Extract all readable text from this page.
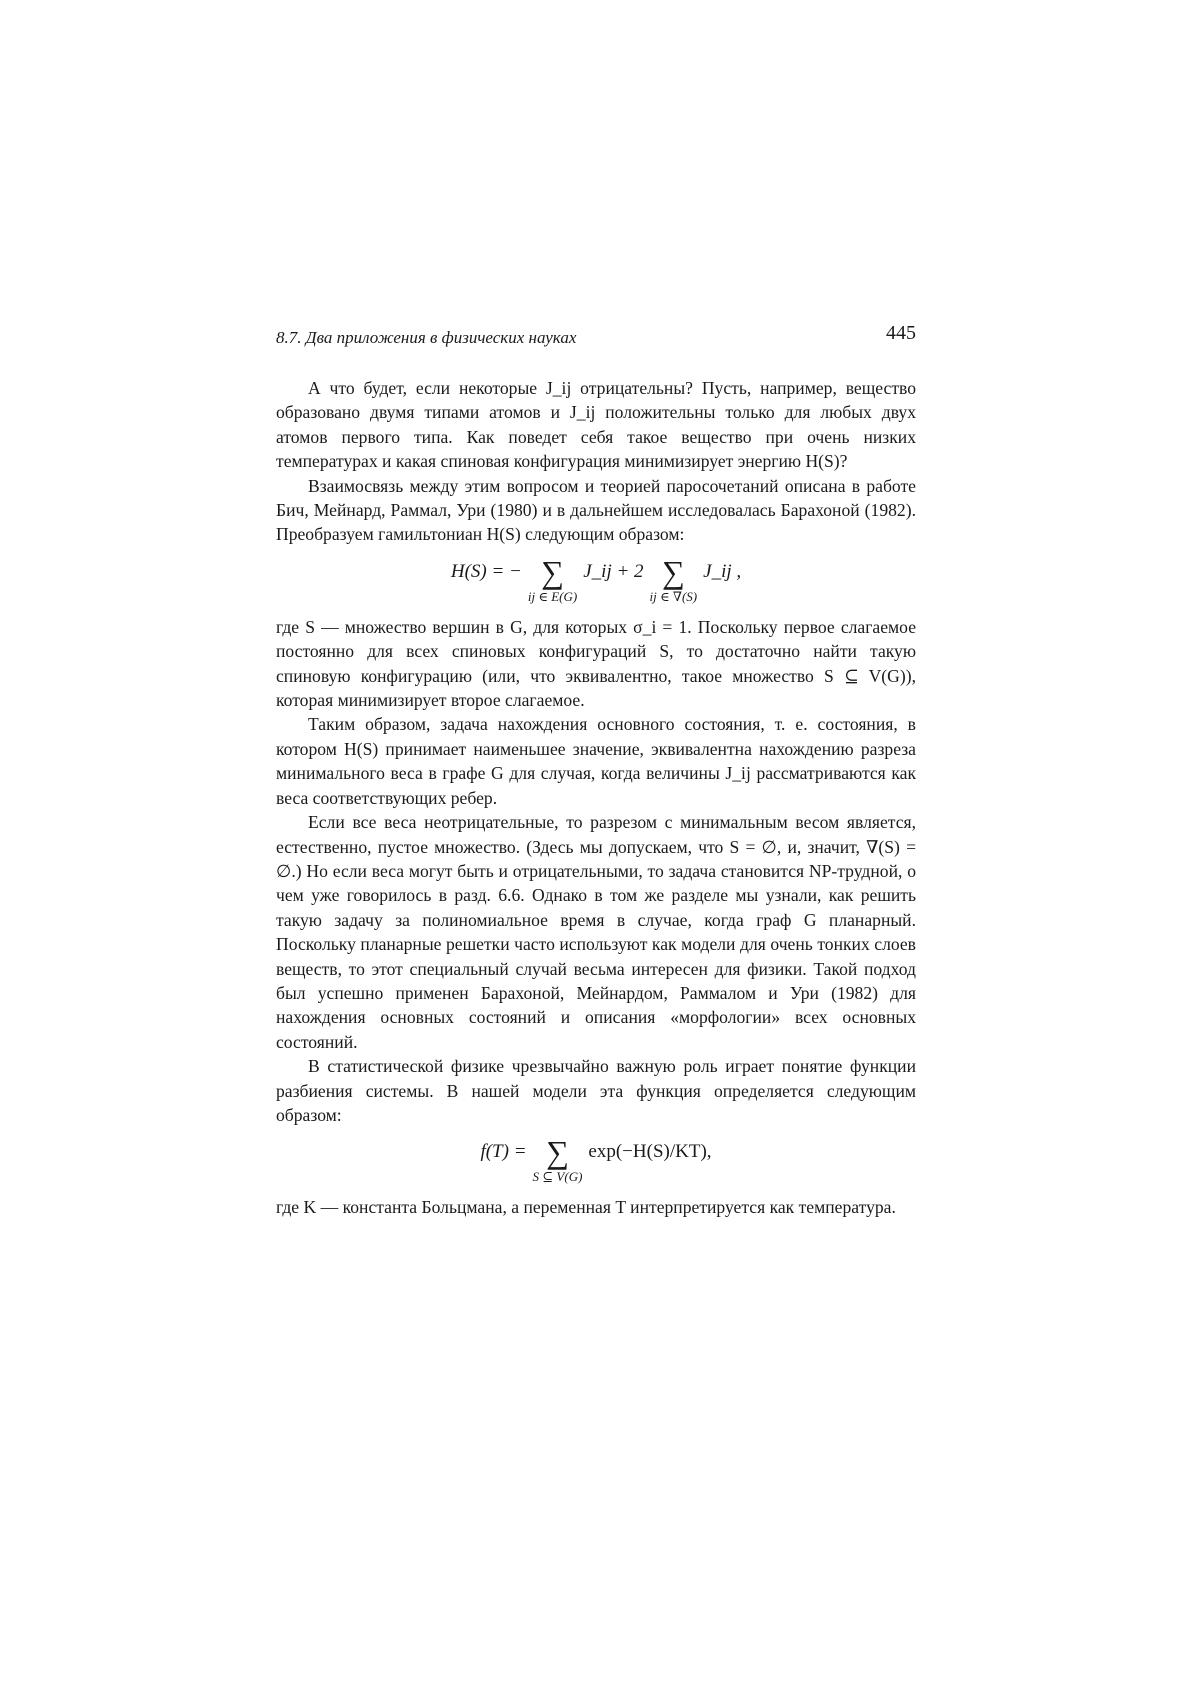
8.7. Два приложения в физических науках	445

А что будет, если некоторые J_ij отрицательны? Пусть, например, вещество образовано двумя типами атомов и J_ij положительны только для любых двух атомов первого типа. Как поведет себя такое вещество при очень низких температурах и какая спиновая конфигурация минимизирует энергию H(S)?

Взаимосвязь между этим вопросом и теорией паросочетаний описана в работе Бич, Мейнард, Раммал, Ури (1980) и в дальнейшем исследовалась Барахоной (1982). Преобразуем гамильтониан H(S) следующим образом:

H(S) = − ∑
ij ∈ E(G)
J_ij + 2 ∑
ij ∈ ∇(S)
J_ij ,

где S — множество вершин в G, для которых σ_i = 1. Поскольку первое слагаемое постоянно для всех спиновых конфигураций S, то достаточно найти такую спиновую конфигурацию (или, что эквивалентно, такое множество S ⊆ V(G)), которая минимизирует второе слагаемое.

Таким образом, задача нахождения основного состояния, т. е. состояния, в котором H(S) принимает наименьшее значение, эквивалентна нахождению разреза минимального веса в графе G для случая, когда величины J_ij рассматриваются как веса соответствующих ребер.

Если все веса неотрицательные, то разрезом с минимальным весом является, естественно, пустое множество. (Здесь мы допускаем, что S = ∅, и, значит, ∇(S) = ∅.) Но если веса могут быть и отрицательными, то задача становится NP-трудной, о чем уже говорилось в разд. 6.6. Однако в том же разделе мы узнали, как решить такую задачу за полиномиальное время в случае, когда граф G планарный. Поскольку планарные решетки часто используют как модели для очень тонких слоев веществ, то этот специальный случай весьма интересен для физики. Такой подход был успешно применен Барахоной, Мейнардом, Раммалом и Ури (1982) для нахождения основных состояний и описания «морфологии» всех основных состояний.

В статистической физике чрезвычайно важную роль играет понятие функции разбиения системы. В нашей модели эта функция определяется следующим образом:

f(T) = ∑
S ⊆ V(G)
exp(−H(S)/KT),

где K — константа Больцмана, а переменная T интерпретируется как температура.
